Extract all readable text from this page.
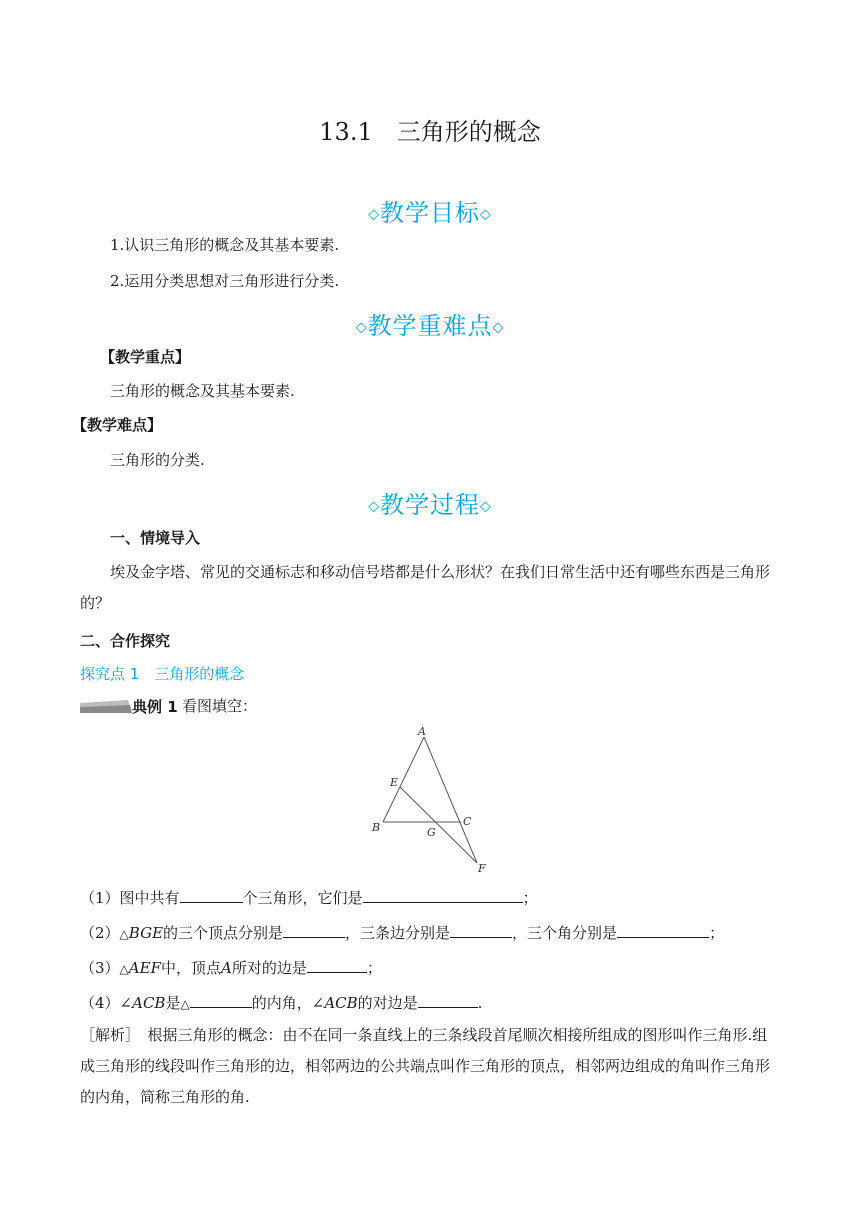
13.1　三角形的概念
◇教学目标◇
1.认识三角形的概念及其基本要素.
2.运用分类思想对三角形进行分类.
◇教学重难点◇
【教学重点】
三角形的概念及其基本要素.
【教学难点】
三角形的分类.
◇教学过程◇
一、情境导入
埃及金字塔、常见的交通标志和移动信号塔都是什么形状？在我们日常生活中还有哪些东西是三角形的？
二、合作探究
探究点 1　三角形的概念
典例 1 看图填空：
A
E
B	G
C
F
（1）图中共有	个三角形，它们是	；
（2）△BGE的三个顶点分别是	，三条边分别是	，三个角分别是	；
（3）△AEF中，顶点A所对的边是	；
（4）∠ACB是△	的内角，∠ACB的对边是	.
［解析］　 根据三角形的概念：由不在同一条直线上的三条线段首尾顺次相接所组成的图形叫作三角形.组成三角形的线段叫作三角形的边，相邻两边的公共端点叫作三角形的顶点，相邻两边组成的角叫作三角形的内角，简称三角形的角.
